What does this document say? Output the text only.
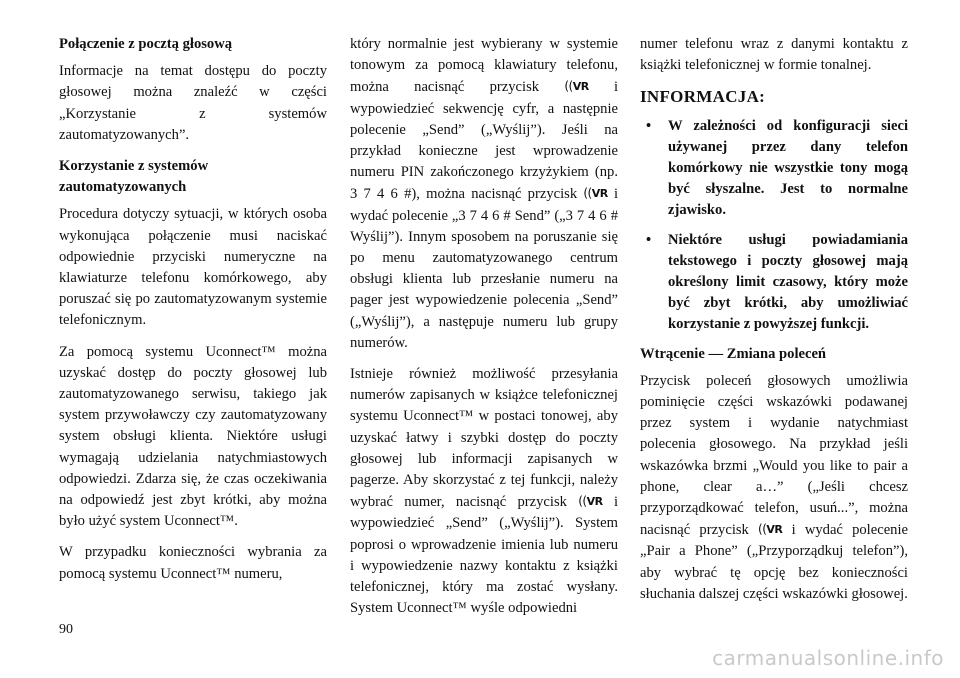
Połączenie z pocztą głosową

Informacje na temat dostępu do poczty głosowej można znaleźć w części „Korzystanie z systemów zautomatyzowanych”.

Korzystanie z systemów zautomatyzowanych

Procedura dotyczy sytuacji, w których osoba wykonująca połączenie musi naciskać odpowiednie przyciski numeryczne na klawiaturze telefonu komórkowego, aby poruszać się po zautomatyzowanym systemie telefonicznym.

Za pomocą systemu Uconnect™ można uzyskać dostęp do poczty głosowej lub zautomatyzowanego serwisu, takiego jak system przywoławczy czy zautomatyzowany system obsługi klienta. Niektóre usługi wymagają udzielania natychmiastowych odpowiedzi. Zdarza się, że czas oczekiwania na odpowiedź jest zbyt krótki, aby można było użyć system Uconnect™.

W przypadku konieczności wybrania za pomocą systemu Uconnect™ numeru,

który normalnie jest wybierany w systemie tonowym za pomocą klawiatury telefonu, można nacisnąć przycisk ((VR i wypowiedzieć sekwencję cyfr, a następnie polecenie „Send” („Wyślij”). Jeśli na przykład konieczne jest wprowadzenie numeru PIN zakończonego krzyżykiem (np. 3 7 4 6 #), można nacisnąć przycisk ((VR i wydać polecenie „3 7 4 6 # Send” („3 7 4 6 # Wyślij”). Innym sposobem na poruszanie się po menu zautomatyzowanego centrum obsługi klienta lub przesłanie numeru na pager jest wypowiedzenie polecenia „Send” („Wyślij”), a następuje numeru lub grupy numerów.

Istnieje również możliwość przesyłania numerów zapisanych w książce telefonicznej systemu Uconnect™ w postaci tonowej, aby uzyskać łatwy i szybki dostęp do poczty głosowej lub informacji zapisanych w pagerze. Aby skorzystać z tej funkcji, należy wybrać numer, nacisnąć przycisk ((VR i wypowiedzieć „Send” („Wyślij”). System poprosi o wprowadzenie imienia lub numeru i wypowiedzenie nazwy kontaktu z książki telefonicznej, który ma zostać wysłany. System Uconnect™ wyśle odpowiedni

numer telefonu wraz z danymi kontaktu z książki telefonicznej w formie tonalnej.

INFORMACJA:
• W zależności od konfiguracji sieci używanej przez dany telefon komórkowy nie wszystkie tony mogą być słyszalne. Jest to normalne zjawisko.
• Niektóre usługi powiadamiania tekstowego i poczty głosowej mają określony limit czasowy, który może być zbyt krótki, aby umożliwiać korzystanie z powyższej funkcji.

Wtrącenie — Zmiana poleceń

Przycisk poleceń głosowych umożliwia pominięcie części wskazówki podawanej przez system i wydanie natychmiast polecenia głosowego. Na przykład jeśli wskazówka brzmi „Would you like to pair a phone, clear a…” („Jeśli chcesz przyporządkować telefon, usuń...”, można nacisnąć przycisk ((VR i wydać polecenie „Pair a Phone” („Przyporządkuj telefon”), aby wybrać tę opcję bez konieczności słuchania dalszej części wskazówki głosowej.

90
carmanualsonline.info
